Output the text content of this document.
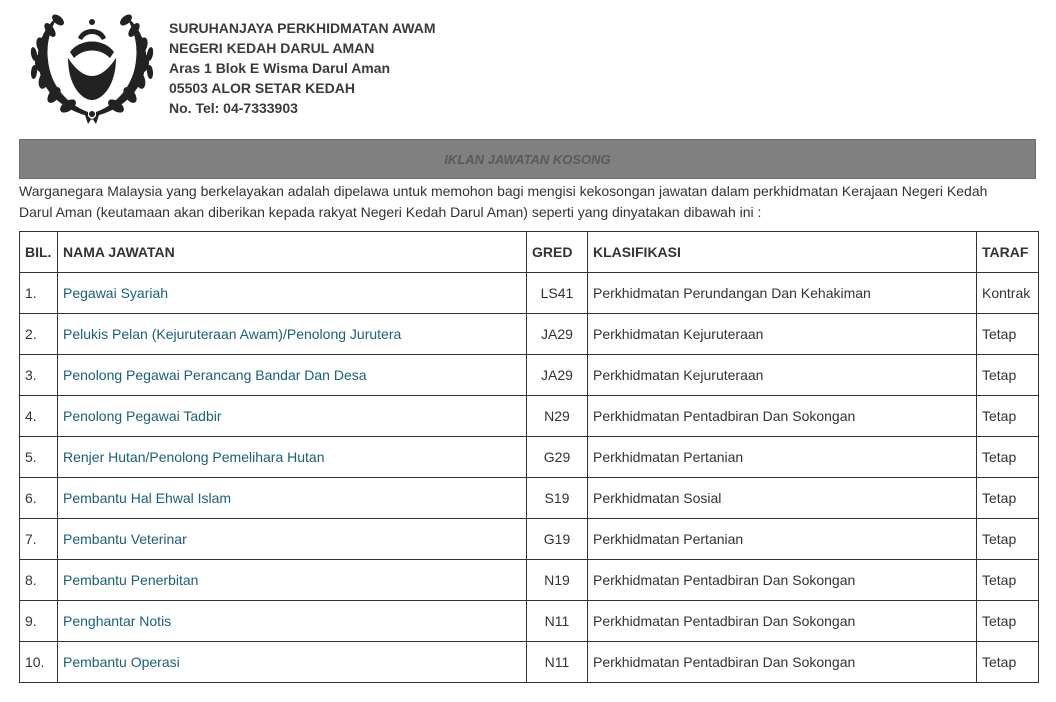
SURUHANJAYA PERKHIDMATAN AWAM
NEGERI KEDAH DARUL AMAN
Aras 1 Blok E Wisma Darul Aman
05503 ALOR SETAR KEDAH
No. Tel: 04-7333903
IKLAN JAWATAN KOSONG
Warganegara Malaysia yang berkelayakan adalah dipelawa untuk memohon bagi mengisi kekosongan jawatan dalam perkhidmatan Kerajaan Negeri Kedah Darul Aman (keutamaan akan diberikan kepada rakyat Negeri Kedah Darul Aman) seperti yang dinyatakan dibawah ini :
BIL.	NAMA JAWATAN	GRED	KLASIFIKASI	TARAF
1.	Pegawai Syariah	LS41	Perkhidmatan Perundangan Dan Kehakiman	Kontrak
2.	Pelukis Pelan (Kejuruteraan Awam)/Penolong Jurutera	JA29	Perkhidmatan Kejuruteraan	Tetap
3.	Penolong Pegawai Perancang Bandar Dan Desa	JA29	Perkhidmatan Kejuruteraan	Tetap
4.	Penolong Pegawai Tadbir	N29	Perkhidmatan Pentadbiran Dan Sokongan	Tetap
5.	Renjer Hutan/Penolong Pemelihara Hutan	G29	Perkhidmatan Pertanian	Tetap
6.	Pembantu Hal Ehwal Islam	S19	Perkhidmatan Sosial	Tetap
7.	Pembantu Veterinar	G19	Perkhidmatan Pertanian	Tetap
8.	Pembantu Penerbitan	N19	Perkhidmatan Pentadbiran Dan Sokongan	Tetap
9.	Penghantar Notis	N11	Perkhidmatan Pentadbiran Dan Sokongan	Tetap
10.	Pembantu Operasi	N11	Perkhidmatan Pentadbiran Dan Sokongan	Tetap
